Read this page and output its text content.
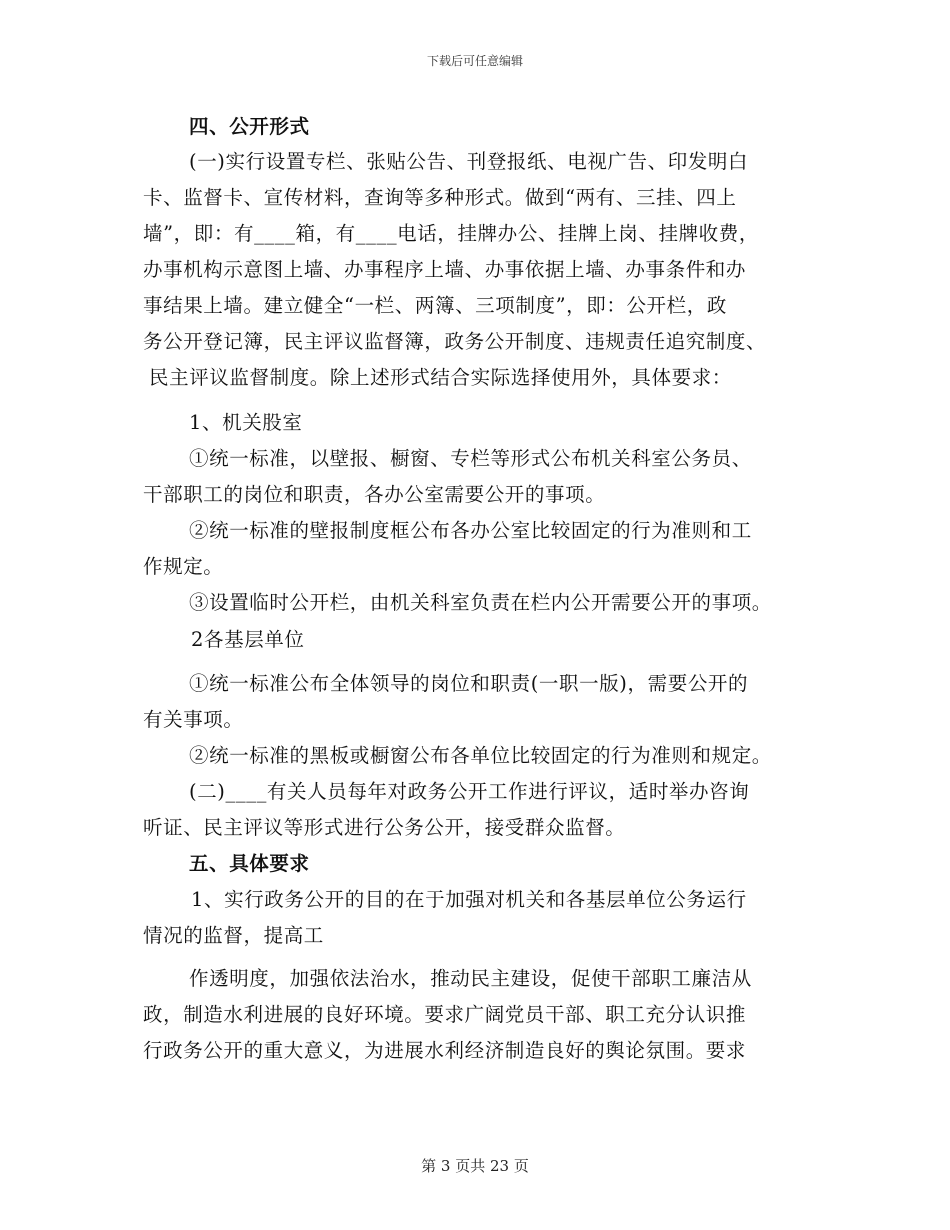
下载后可任意编辑
四、公开形式
(一)实行设置专栏、张贴公告、刊登报纸、电视广告、印发明白
卡、监督卡、宣传材料，查询等多种形式。做到“两有、三挂、四上
墙”，即：有____箱，有____电话，挂牌办公、挂牌上岗、挂牌收费，
办事机构示意图上墙、办事程序上墙、办事依据上墙、办事条件和办
事结果上墙。建立健全“一栏、两簿、三项制度”，即：公开栏，政
务公开登记簿，民主评议监督簿，政务公开制度、违规责任追究制度、
民主评议监督制度。除上述形式结合实际选择使用外，具体要求：
1、机关股室
①统一标准，以壁报、橱窗、专栏等形式公布机关科室公务员、
干部职工的岗位和职责，各办公室需要公开的事项。
②统一标准的壁报制度框公布各办公室比较固定的行为准则和工
作规定。
③设置临时公开栏，由机关科室负责在栏内公开需要公开的事项。
2各基层单位
①统一标准公布全体领导的岗位和职责(一职一版)，需要公开的
有关事项。
②统一标准的黑板或橱窗公布各单位比较固定的行为准则和规定。
(二)____有关人员每年对政务公开工作进行评议，适时举办咨询
听证、民主评议等形式进行公务公开，接受群众监督。
五、具体要求
1、实行政务公开的目的在于加强对机关和各基层单位公务运行
情况的监督，提高工
作透明度，加强依法治水，推动民主建设，促使干部职工廉洁从
政，制造水利进展的良好环境。要求广阔党员干部、职工充分认识推
行政务公开的重大意义，为进展水利经济制造良好的舆论氛围。要求
第 3 页共 23 页
